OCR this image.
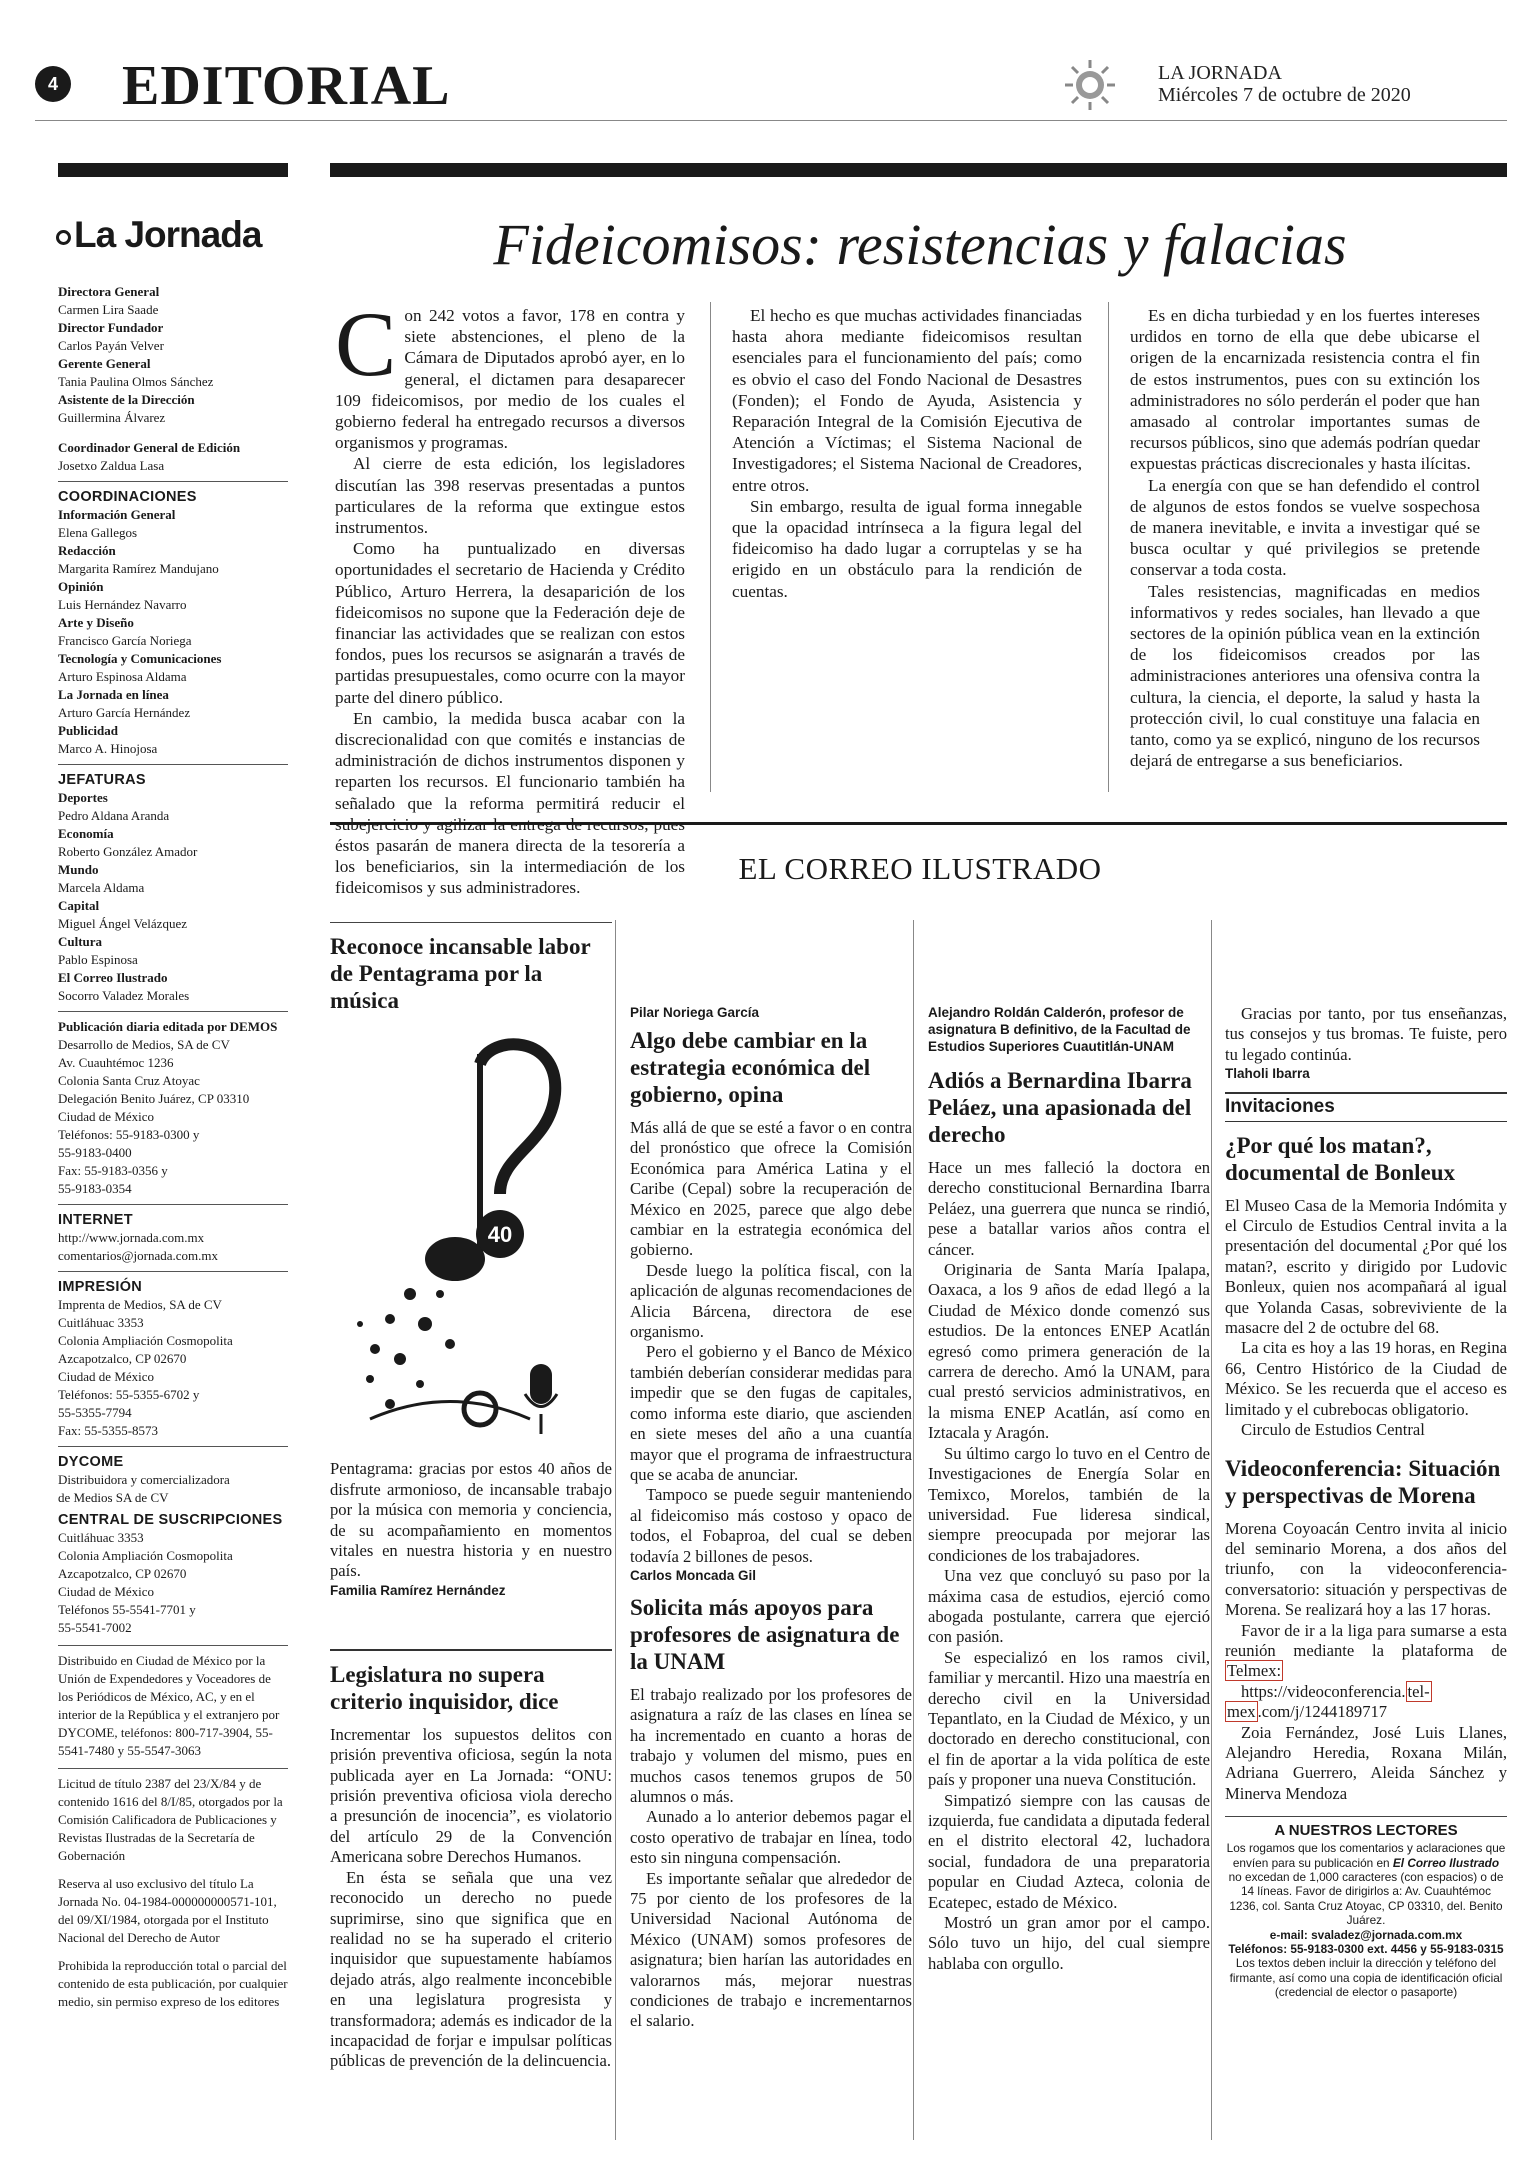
4 EDITORIAL	LA JORNADA
Miércoles 7 de octubre de 2020
La Jornada
Directora General
Carmen Lira Saade
Director Fundador
Carlos Payán Velver
Gerente General
Tania Paulina Olmos Sánchez
Asistente de la Dirección
Guillermina Álvarez
Coordinador General de Edición
Josetxo Zaldua Lasa
COORDINACIONES
Información General
Elena Gallegos
Redacción
Margarita Ramírez Mandujano
Opinión
Luis Hernández Navarro
Arte y Diseño
Francisco García Noriega
Tecnología y Comunicaciones
Arturo Espinosa Aldama
La Jornada en línea
Arturo García Hernández
Publicidad
Marco A. Hinojosa
JEFATURAS
Deportes
Pedro Aldana Aranda
Economía
Roberto González Amador
Mundo
Marcela Aldama
Capital
Miguel Ángel Velázquez
Cultura
Pablo Espinosa
El Correo Ilustrado
Socorro Valadez Morales
Publicación diaria editada por DEMOS
Desarrollo de Medios, SA de CV
Av. Cuauhtémoc 1236
Colonia Santa Cruz Atoyac
Delegación Benito Juárez, CP 03310
Ciudad de México
Teléfonos: 55-9183-0300 y
55-9183-0400
Fax: 55-9183-0356 y
55-9183-0354
INTERNET
http://www.jornada.com.mx
comentarios@jornada.com.mx
IMPRESIÓN
Imprenta de Medios, SA de CV
Cuitláhuac 3353
Colonia Ampliación Cosmopolita
Azcapotzalco, CP 02670
Ciudad de México
Teléfonos: 55-5355-6702 y
55-5355-7794
Fax: 55-5355-8573
DYCOME
Distribuidora y comercializadora
de Medios SA de CV
CENTRAL DE SUSCRIPCIONES
Cuitláhuac 3353
Colonia Ampliación Cosmopolita
Azcapotzalco, CP 02670
Ciudad de México
Teléfonos 55-5541-7701 y
55-5541-7002
Distribuido en Ciudad de México por la Unión de Expendedores y Voceadores de los Periódicos de México, AC, y en el interior de la República y el extranjero por DYCOME, teléfonos: 800-717-3904, 55-5541-7480 y 55-5547-3063
Licitud de título 2387 del 23/X/84 y de contenido 1616 del 8/I/85, otorgados por la Comisión Calificadora de Publicaciones y Revistas Ilustradas de la Secretaría de Gobernación

Reserva al uso exclusivo del título La Jornada No. 04-1984-000000000571-101, del 09/XI/1984, otorgada por el Instituto Nacional del Derecho de Autor

Prohibida la reproducción total o parcial del contenido de esta publicación, por cualquier medio, sin permiso expreso de los editores

Fideicomisos: resistencias y falacias

Con 242 votos a favor, 178 en contra y siete abstenciones, el pleno de la Cámara de Diputados aprobó ayer, en lo general, el dictamen para desaparecer 109 fideicomisos, por medio de los cuales el gobierno federal ha entregado recursos a diversos organismos y programas.

Al cierre de esta edición, los legisladores discutían las 398 reservas presentadas a puntos particulares de la reforma que extingue estos instrumentos.

Como ha puntualizado en diversas oportunidades el secretario de Hacienda y Crédito Público, Arturo Herrera, la desaparición de los fideicomisos no supone que la Federación deje de financiar las actividades que se realizan con estos fondos, pues los recursos se asignarán a través de partidas presupuestales, como ocurre con la mayor parte del dinero público.

En cambio, la medida busca acabar con la discrecionalidad con que comités e instancias de administración de dichos instrumentos disponen y reparten los recursos. El funcionario también ha señalado que la reforma permitirá reducir el éstos pasarán de manera directa de la tesorería a los beneficiarios, sin la intermediación de los fideicomisos y sus administradores.

El hecho es que muchas actividades financiadas hasta ahora mediante fideicomisos resultan esenciales para el funcionamiento del país; como es obvio el caso del Fondo Nacional de Desastres (Fonden); el Fondo de Ayuda, Asistencia y Reparación Integral de la Comisión Ejecutiva de Atención a Víctimas; el Sistema Nacional de Investigadores; el Sistema Nacional de Creadores, entre otros.

Sin embargo, resulta de igual forma innegable que la opacidad intrínseca a la figura legal del fideicomiso ha dado lugar a corruptelas y se ha erigido en un obstáculo para la rendición de cuentas.

Es en dicha turbiedad y en los fuertes intereses urdidos en torno de ella que debe ubicarse el origen de la encarnizada resistencia contra el fin de estos instrumentos, pues con su extinción los administradores no sólo perderán el poder que han amasado al controlar importantes sumas de recursos públicos, sino que además podrían quedar expuestas prácticas discrecionales y hasta ilícitas.

La energía con que se han defendido el control de algunos de estos fondos se vuelve sospechosa de manera inevitable, e invita a investigar qué se busca ocultar y qué privilegios se pretende conservar a toda costa.

Tales resistencias, magnificadas en medios informativos y redes sociales, han llevado a que sectores de la opinión pública vean en la extinción de los fideicomisos creados por las administraciones anteriores una ofensiva contra la cultura, la ciencia, el deporte, la salud y hasta la protección civil, lo cual constituye una falacia en tanto, como ya se explicó, ninguno de los recursos dejará de entregarse a sus beneficiarios.

EL CORREO ILUSTRADO
Reconoce incansable labor de Pentagrama por la música
40

Pentagrama: gracias por estos 40 años de disfrute armonioso, de incansable trabajo por la música con memoria y conciencia, de su acompañamiento en momentos vitales en nuestra historia y en nuestro país.

Familia Ramírez Hernández

Legislatura no supera criterio inquisidor, dice

Incrementar los supuestos delitos con prisión preventiva oficiosa, según la nota publicada ayer en La Jornada: “ONU: prisión preventiva oficiosa viola derecho a presunción de inocencia”, es violatorio del artículo 29 de la Convención Americana sobre Derechos Humanos.

En ésta se señala que una vez reconocido un derecho no puede suprimirse, sino que significa que en realidad no se ha superado el criterio inquisidor que supuestamente habíamos dejado atrás, algo realmente inconcebible en una legislatura progresista y transformadora; además es indicador de la incapacidad de forjar e impulsar políticas públicas de prevención de la delincuencia.

Pilar Noriega García

Algo debe cambiar en la estrategia económica del gobierno, opina

Más allá de que se esté a favor o en contra del pronóstico que ofrece la Comisión Económica para América Latina y el Caribe (Cepal) sobre la recuperación de México en 2025, parece que algo debe cambiar en la estrategia económica del gobierno.

Desde luego la política fiscal, con la aplicación de algunas recomendaciones de Alicia Bárcena, directora de ese organismo.

Pero el gobierno y el Banco de México también deberían considerar medidas para impedir que se den fugas de capitales, como informa este diario, que ascienden en siete meses del año a una cuantía mayor que el programa de infraestructura que se acaba de anunciar.

Tampoco se puede seguir manteniendo al fideicomiso más costoso y opaco de todos, el Fobaproa, del cual se deben todavía 2 billones de pesos.

Carlos Moncada Gil

Solicita más apoyos para profesores de asignatura de la UNAM

El trabajo realizado por los profesores de asignatura a raíz de las clases en línea se ha incrementado en cuanto a horas de trabajo y volumen del mismo, pues en muchos casos tenemos grupos de 50 alumnos o más.

Aunado a lo anterior debemos pagar el costo operativo de trabajar en línea, todo esto sin ninguna compensación.

Es importante señalar que alrededor de 75 por ciento de los profesores de la Universidad Nacional Autónoma de México (UNAM) somos profesores de asignatura; bien harían las autoridades en valorarnos más, mejorar nuestras condiciones de trabajo e incrementarnos el salario.

Alejandro Roldán Calderón, profesor de asignatura B definitivo, de la Facultad de Estudios Superiores Cuautitlán-UNAM

Adiós a Bernardina Ibarra Peláez, una apasionada del derecho

Hace un mes falleció la doctora en derecho constitucional Bernardina Ibarra Peláez, una guerrera que nunca se rindió, pese a batallar varios años contra el cáncer.

Originaria de Santa María Ipalapa, Oaxaca, a los 9 años de edad llegó a la Ciudad de México donde comenzó sus estudios. De la entonces ENEP Acatlán egresó como primera generación de la carrera de derecho. Amó la UNAM, para cual prestó servicios administrativos, en la misma ENEP Acatlán, así como en Iztacala y Aragón.

Su último cargo lo tuvo en el Centro de Investigaciones de Energía Solar en Temixco, Morelos, también de la universidad. Fue lideresa sindical, siempre preocupada por mejorar las condiciones de los trabajadores.

Una vez que concluyó su paso por la máxima casa de estudios, ejerció como abogada postulante, carrera que ejerció con pasión.

Se especializó en los ramos civil, familiar y mercantil. Hizo una maestría en derecho civil en la Universidad Tepantlato, en la Ciudad de México, y un doctorado en derecho constitucional, con el fin de aportar a la vida política de este país y proponer una nueva Constitución.

Simpatizó siempre con las causas de izquierda, fue candidata a diputada federal en el distrito electoral 42, luchadora social, fundadora de una preparatoria popular en Ciudad Azteca, colonia de Ecatepec, estado de México.

Mostró un gran amor por el campo. Sólo tuvo un hijo, del cual siempre hablaba con orgullo.

Gracias por tanto, por tus enseñanzas, tus consejos y tus bromas. Te fuiste, pero tu legado continúa.

Tlaholi Ibarra

Invitaciones
¿Por qué los matan?, documental de Bonleux

El Museo Casa de la Memoria Indómita y el Circulo de Estudios Central invita a la presentación del documental ¿Por qué los matan?, escrito y dirigido por Ludovic Bonleux, quien nos acompañará al igual que Yolanda Casas, sobreviviente de la masacre del 2 de octubre del 68.

La cita es hoy a las 19 horas, en Regina 66, Centro Histórico de la Ciudad de México. Se les recuerda que el acceso es limitado y el cubrebocas obligatorio.

Circulo de Estudios Central

Videoconferencia: Situación y perspectivas de Morena

Morena Coyoacán Centro invita al inicio del seminario Morena, a dos años del triunfo, con la videoconferencia-conversatorio: situación y perspectivas de Morena. Se realizará hoy a las 17 horas.

Favor de ir a la liga para sumarse a esta reunión mediante la plataforma de Telmex:

https://videoconferencia. tel-mex .com/j/1244189717

Zoia Fernández, José Luis Llanes, Alejandro Heredia, Roxana Milán, Adriana Guerrero, Aleida Sánchez y Minerva Mendoza

A NUESTROS LECTORES
Los rogamos que los comentarios y aclaraciones que envíen para su publicación en El Correo Ilustrado no excedan de 1,000 caracteres (con espacios) o de 14 líneas. Favor de dirigirlos a: Av. Cuauhtémoc 1236, col. Santa Cruz Atoyac, CP 03310, del. Benito Juárez.
e-mail: svaladez@jornada.com.mx
Teléfonos: 55-9183-0300 ext. 4456 y 55-9183-0315
Los textos deben incluir la dirección y teléfono del firmante, así como una copia de identificación oficial (credencial de elector o pasaporte)
